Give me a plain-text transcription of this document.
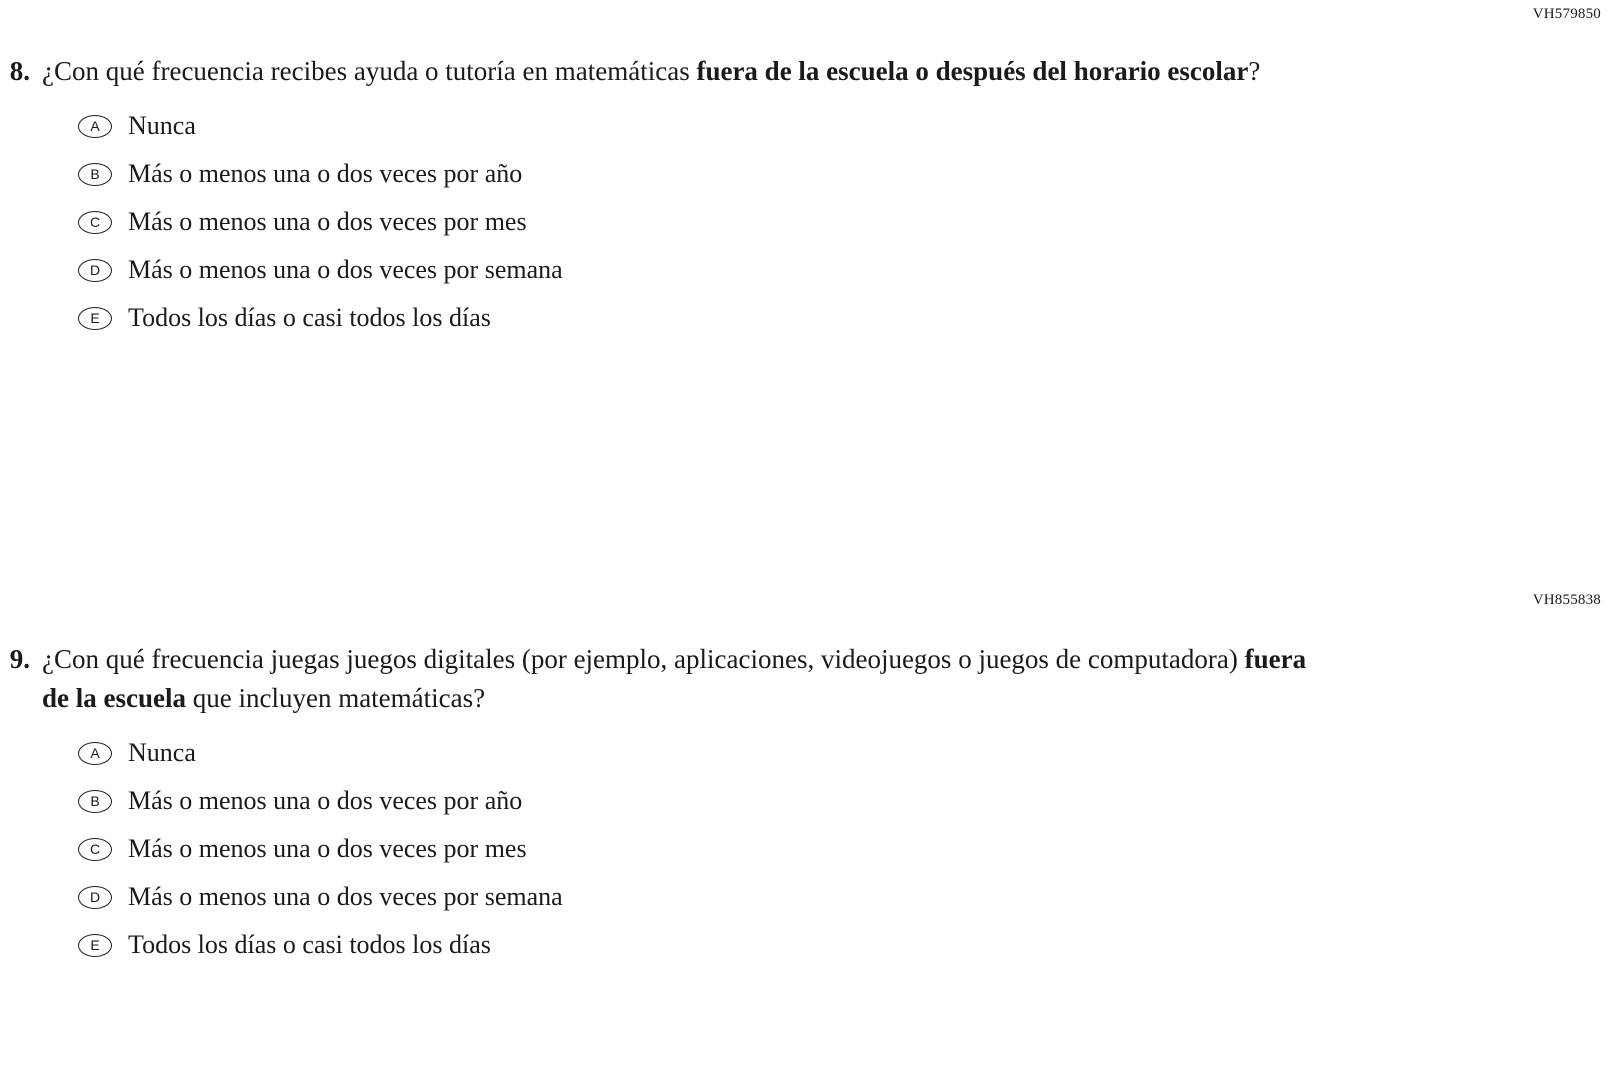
VH579850
8. ¿Con qué frecuencia recibes ayuda o tutoría en matemáticas fuera de la escuela o después del horario escolar?
A	Nunca
B	Más o menos una o dos veces por año
C	Más o menos una o dos veces por mes
D	Más o menos una o dos veces por semana
E	Todos los días o casi todos los días
VH855838
9. ¿Con qué frecuencia juegas juegos digitales (por ejemplo, aplicaciones, videojuegos o juegos de computadora) fuera de la escuela que incluyen matemáticas?
A	Nunca
B	Más o menos una o dos veces por año
C	Más o menos una o dos veces por mes
D	Más o menos una o dos veces por semana
E	Todos los días o casi todos los días
